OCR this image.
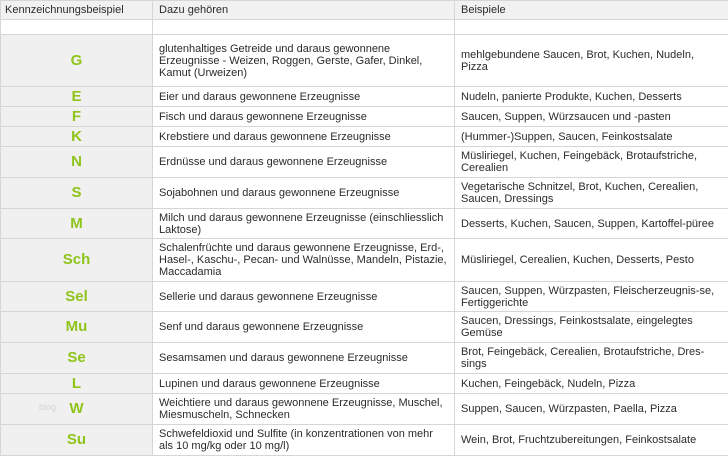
Kennzeichnungsbeispiel	Dazu gehören	Beispiele

G	glutenhaltiges Getreide und daraus gewonnene Erzeugnisse - Weizen, Roggen, Gerste, Gafer, Dinkel, Kamut (Urweizen)	mehlgebundene Saucen, Brot, Kuchen, Nudeln, Pizza
E	Eier und daraus gewonnene Erzeugnisse	Nudeln, panierte Produkte, Kuchen, Desserts
F	Fisch und daraus gewonnene Erzeugnisse	Saucen, Suppen, Würzsaucen und -pasten
K	Krebstiere und daraus gewonnene Erzeugnisse	(Hummer-)Suppen, Saucen, Feinkostsalate
N	Erdnüsse und daraus gewonnene Erzeugnisse	Müsliriegel, Kuchen, Feingebäck, Brotaufstriche, Cerealien
S	Sojabohnen und daraus gewonnene Erzeugnisse	Vegetarische Schnitzel, Brot, Kuchen, Cerealien, Saucen, Dressings
M	Milch und daraus gewonnene Erzeugnisse (einschliesslich Laktose)	Desserts, Kuchen, Saucen, Suppen, Kartoffel-püree
Sch	Schalenfrüchte und daraus gewonnene Erzeugnisse, Erd-, Hasel-, Kaschu-, Pecan- und Walnüsse, Mandeln, Pistazie, Maccadamia	Müsliriegel, Cerealien, Kuchen, Desserts, Pesto
Sel	Sellerie und daraus gewonnene Erzeugnisse	Saucen, Suppen, Würzpasten, Fleischerzeugnis-se, Fertiggerichte
Mu	Senf und daraus gewonnene Erzeugnisse	Saucen, Dressings, Feinkostsalate, eingelegtes Gemüse
Se	Sesamsamen und daraus gewonnene Erzeugnisse	Brot, Feingebäck, Cerealien, Brotaufstriche, Dres-sings
L	Lupinen und daraus gewonnene Erzeugnisse	Kuchen, Feingebäck, Nudeln, Pizza
W	Weichtiere und daraus gewonnene Erzeugnisse, Muschel, Miesmuscheln, Schnecken	Suppen, Saucen, Würzpasten, Paella, Pizza
Su	Schwefeldioxid und Sulfite (in konzentrationen von mehr als 10 mg/kg oder 10 mg/l)	Wein, Brot, Fruchtzubereitungen, Feinkostsalate
blog
